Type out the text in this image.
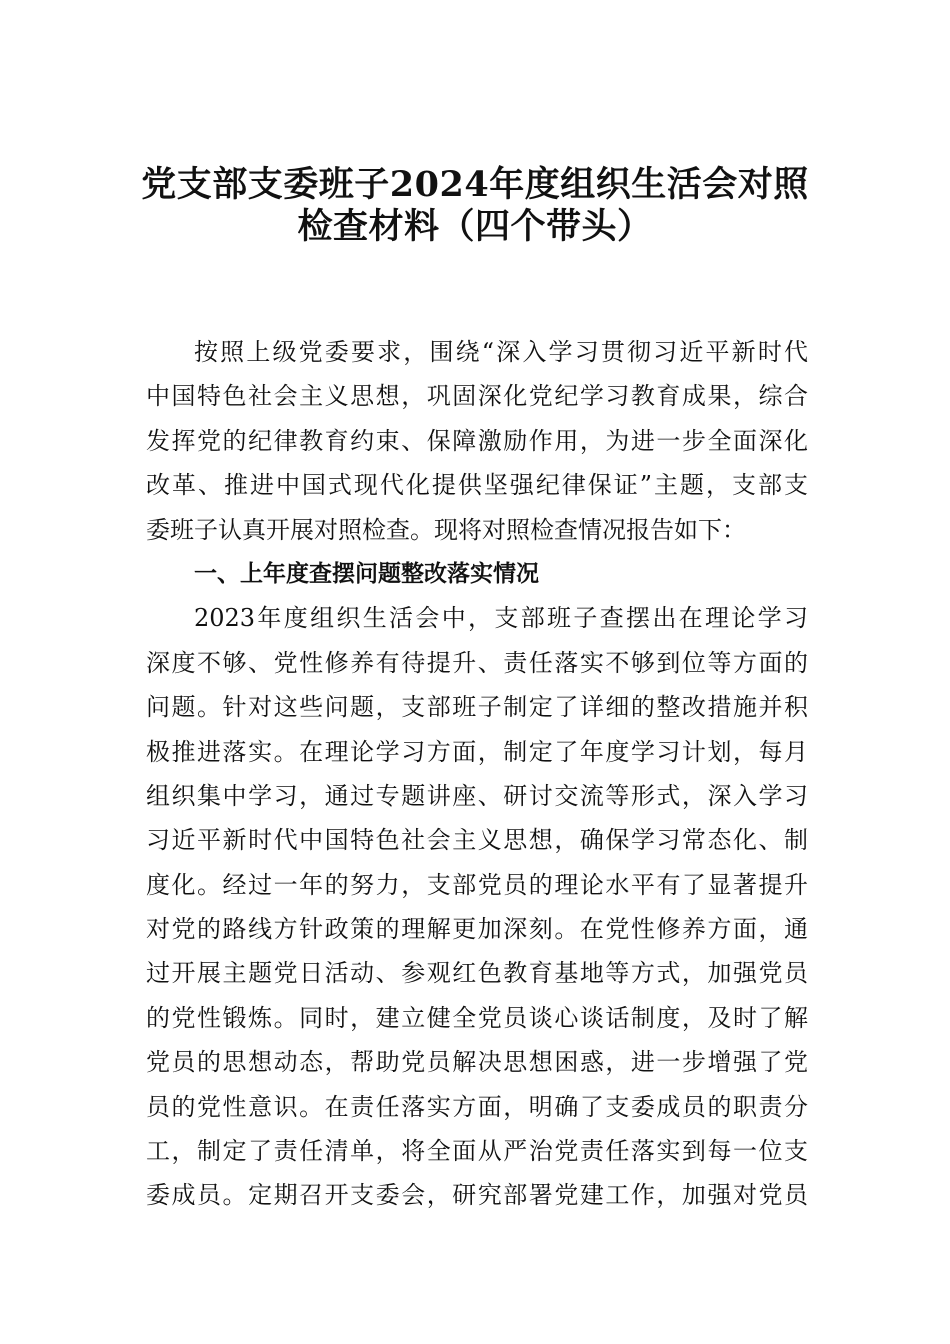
党支部支委班子2024年度组织生活会对照
检查材料（四个带头）
按照上级党委要求，围绕“深入学习贯彻习近平新时代
中国特色社会主义思想，巩固深化党纪学习教育成果，综合
发挥党的纪律教育约束、保障激励作用，为进一步全面深化
改革、推进中国式现代化提供坚强纪律保证”主题，支部支
委班子认真开展对照检查。现将对照检查情况报告如下：
一、上年度查摆问题整改落实情况
2023年度组织生活会中，支部班子查摆出在理论学习
深度不够、党性修养有待提升、责任落实不够到位等方面的
问题。针对这些问题，支部班子制定了详细的整改措施并积
极推进落实。在理论学习方面，制定了年度学习计划，每月
组织集中学习，通过专题讲座、研讨交流等形式，深入学习
习近平新时代中国特色社会主义思想，确保学习常态化、制
度化。经过一年的努力，支部党员的理论水平有了显著提升
对党的路线方针政策的理解更加深刻。在党性修养方面，通
过开展主题党日活动、参观红色教育基地等方式，加强党员
的党性锻炼。同时，建立健全党员谈心谈话制度，及时了解
党员的思想动态，帮助党员解决思想困惑，进一步增强了党
员的党性意识。在责任落实方面，明确了支委成员的职责分
工，制定了责任清单，将全面从严治党责任落实到每一位支
委成员。定期召开支委会，研究部署党建工作，加强对党员
